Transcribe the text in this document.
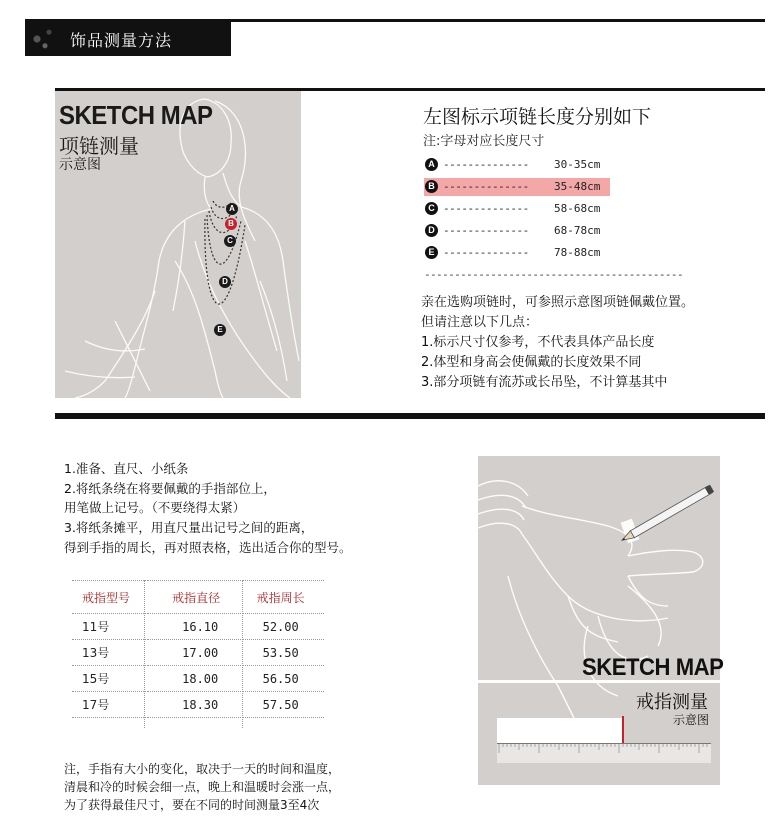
饰品测量方法
SKETCH MAP
项链测量
示意图
A
B
C
D
E
左图标示项链长度分别如下
注:字母对应长度尺寸
A -------------- 30-35cm
B -------------- 35-48cm
C -------------- 58-68cm
D -------------- 68-78cm
E -------------- 78-88cm
-------------------------------------------
亲在选购项链时，可参照示意图项链佩戴位置。
但请注意以下几点：
1.标示尺寸仅参考，不代表具体产品长度
2.体型和身高会使佩戴的长度效果不同
3.部分项链有流苏或长吊坠，不计算基其中
1.准备、直尺、小纸条
2.将纸条绕在将要佩戴的手指部位上，
用笔做上记号。（不要绕得太紧）
3.将纸条摊平，用直尺量出记号之间的距离，
得到手指的周长，再对照表格，选出适合你的型号。
戒指型号	戒指直径	戒指周长
11号	16.10	52.00
13号	17.00	53.50
15号	18.00	56.50
17号	18.30	57.50
注，手指有大小的变化，取决于一天的时间和温度，
清晨和冷的时候会细一点，晚上和温暖时会涨一点，
为了获得最佳尺寸，要在不同的时间测量3至4次
SKETCH MAP
戒指测量
示意图
